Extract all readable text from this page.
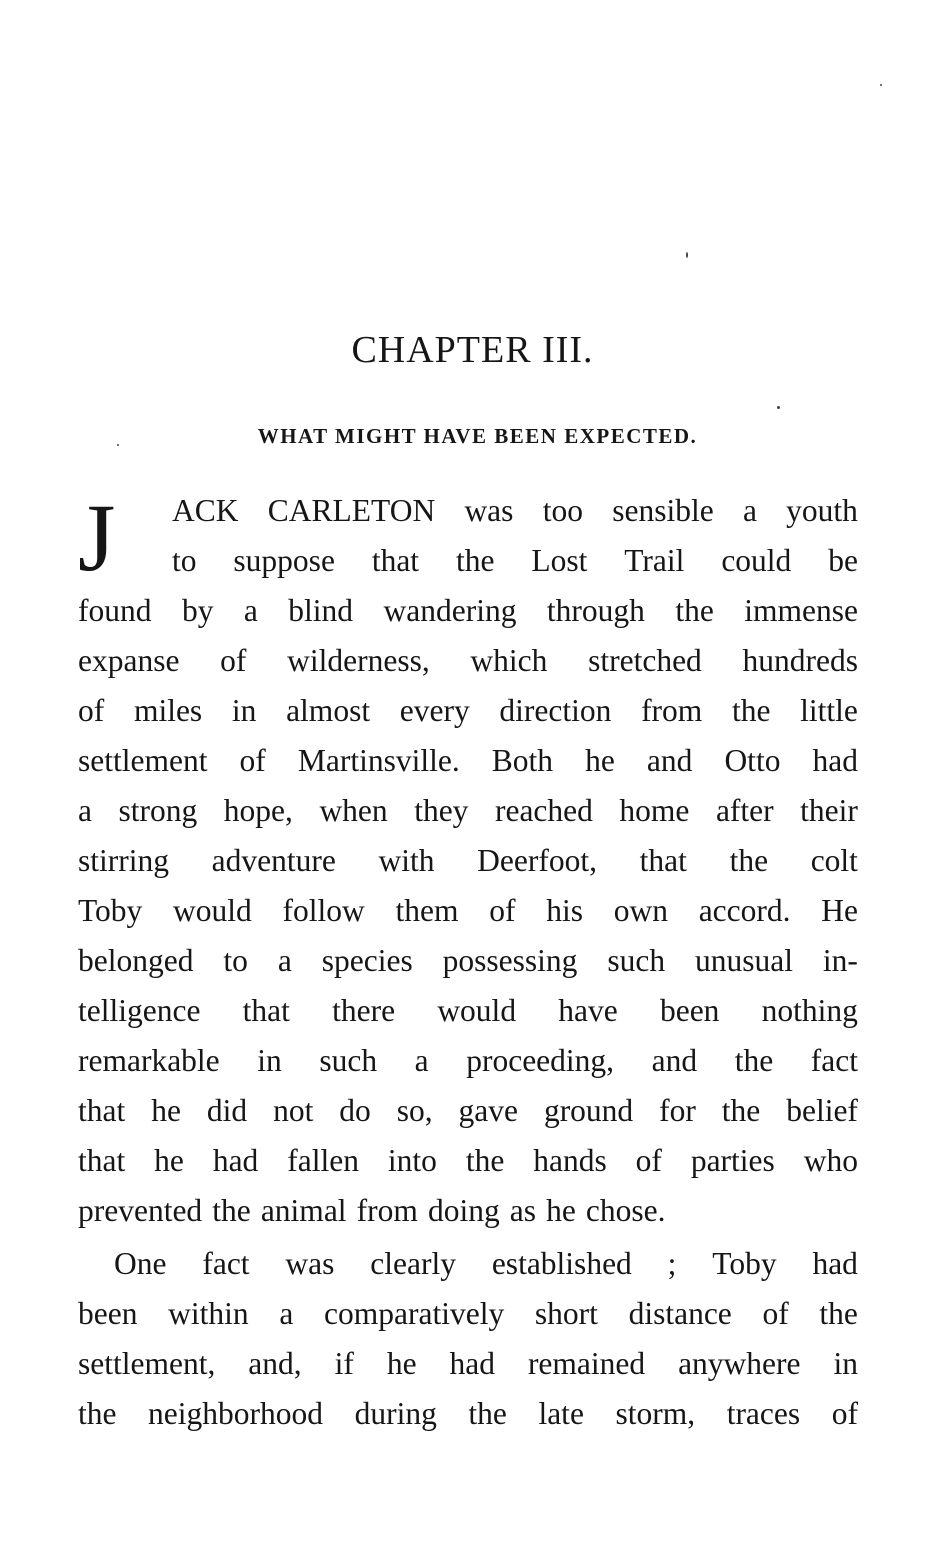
CHAPTER III.
WHAT MIGHT HAVE BEEN EXPECTED.
J ACK CARLETON was too sensible a youth
to suppose that the Lost Trail could be
found by a blind wandering through the immense
expanse of wilderness, which stretched hundreds
of miles in almost every direction from the little
settlement of Martinsville. Both he and Otto had
a strong hope, when they reached home after their
stirring adventure with Deerfoot, that the colt
Toby would follow them of his own accord. He
belonged to a species possessing such unusual in-
telligence that there would have been nothing
remarkable in such a proceeding, and the fact
that he did not do so, gave ground for the belief
that he had fallen into the hands of parties who
prevented the animal from doing as he chose.
One fact was clearly established ; Toby had
been within a comparatively short distance of the
settlement, and, if he had remained anywhere in
the neighborhood during the late storm, traces of
